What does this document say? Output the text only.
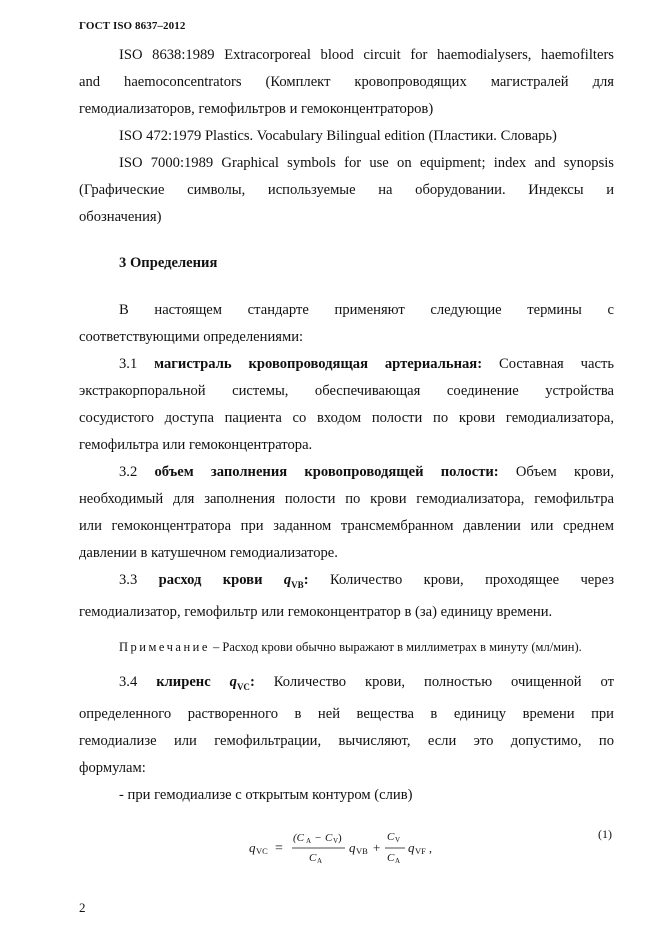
ГОСТ ISO 8637–2012

ISO 8638:1989 Extracorporeal blood circuit for haemodialysers, haemofilters

and haemoconcentrators (Комплект кровопроводящих магистралей для

гемодиализаторов, гемофильтров и гемоконцентраторов)

ISO 472:1979 Plastics. Vocabulary Bilingual edition (Пластики. Словарь)

ISO 7000:1989 Graphical symbols for use on equipment; index and synopsis

(Графические символы, используемые на оборудовании. Индексы и

обозначения)

3 Определения

В настоящем стандарте применяют следующие термины с

соответствующими определениями:

3.1 магистраль кровопроводящая артериальная: Составная часть

экстракорпоральной системы, обеспечивающая соединение устройства

сосудистого доступа пациента со входом полости по крови гемодиализатора,

гемофильтра или гемоконцентратора.

3.2 объем заполнения кровопроводящей полости: Объем крови,

необходимый для заполнения полости по крови гемодиализатора, гемофильтра

или гемоконцентратора при заданном трансмембранном давлении или среднем

давлении в катушечном гемодиализаторе.

3.3 расход крови $q_{VB}$: Количество крови, проходящее через

гемодиализатор, гемофильтр или гемоконцентратор в (за) единицу времени.

Примечание – Расход крови обычно выражают в миллиметрах в минуту (мл/мин).

3.4 клиренс $q_{VC}$: Количество крови, полностью очищенной от

определенного растворенного в ней вещества в единицу времени при

гемодиализе или гемофильтрации, вычисляют, если это допустимо, по

формулам:

- при гемодиализе с открытым контуром (слив)

q VC =
(C A − C V )
C A
q VB +
C V
C A
q VF ,
(1)
2
